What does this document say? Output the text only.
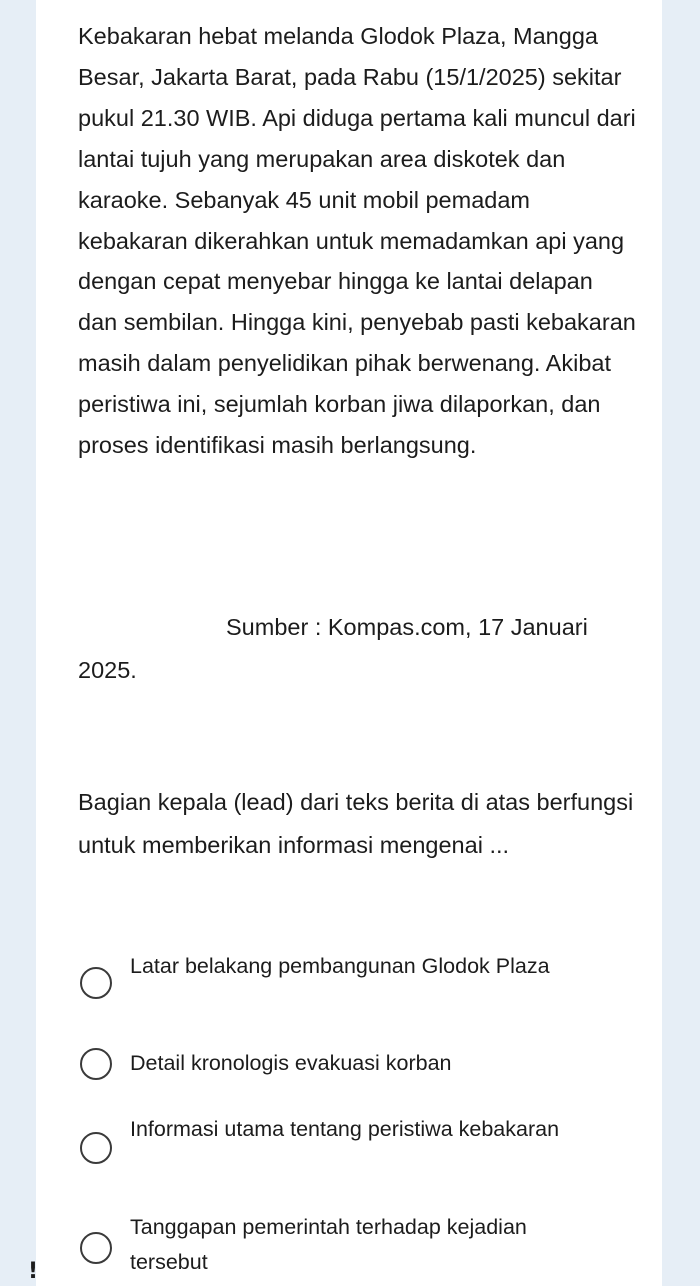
Kebakaran hebat melanda Glodok Plaza, Mangga Besar, Jakarta Barat, pada Rabu (15/1/2025) sekitar pukul 21.30 WIB. Api diduga pertama kali muncul dari lantai tujuh yang merupakan area diskotek dan karaoke. Sebanyak 45 unit mobil pemadam kebakaran dikerahkan untuk memadamkan api yang dengan cepat menyebar hingga ke lantai delapan dan sembilan. Hingga kini, penyebab pasti kebakaran masih dalam penyelidikan pihak berwenang. Akibat peristiwa ini, sejumlah korban jiwa dilaporkan, dan proses identifikasi masih berlangsung.

Sumber : Kompas.com, 17 Januari 2025.

Bagian kepala (lead) dari teks berita di atas berfungsi untuk memberikan informasi mengenai ...

Latar belakang pembangunan Glodok Plaza
Detail kronologis evakuasi korban
Informasi utama tentang peristiwa kebakaran
Tanggapan pemerintah terhadap kejadian tersebut
!
